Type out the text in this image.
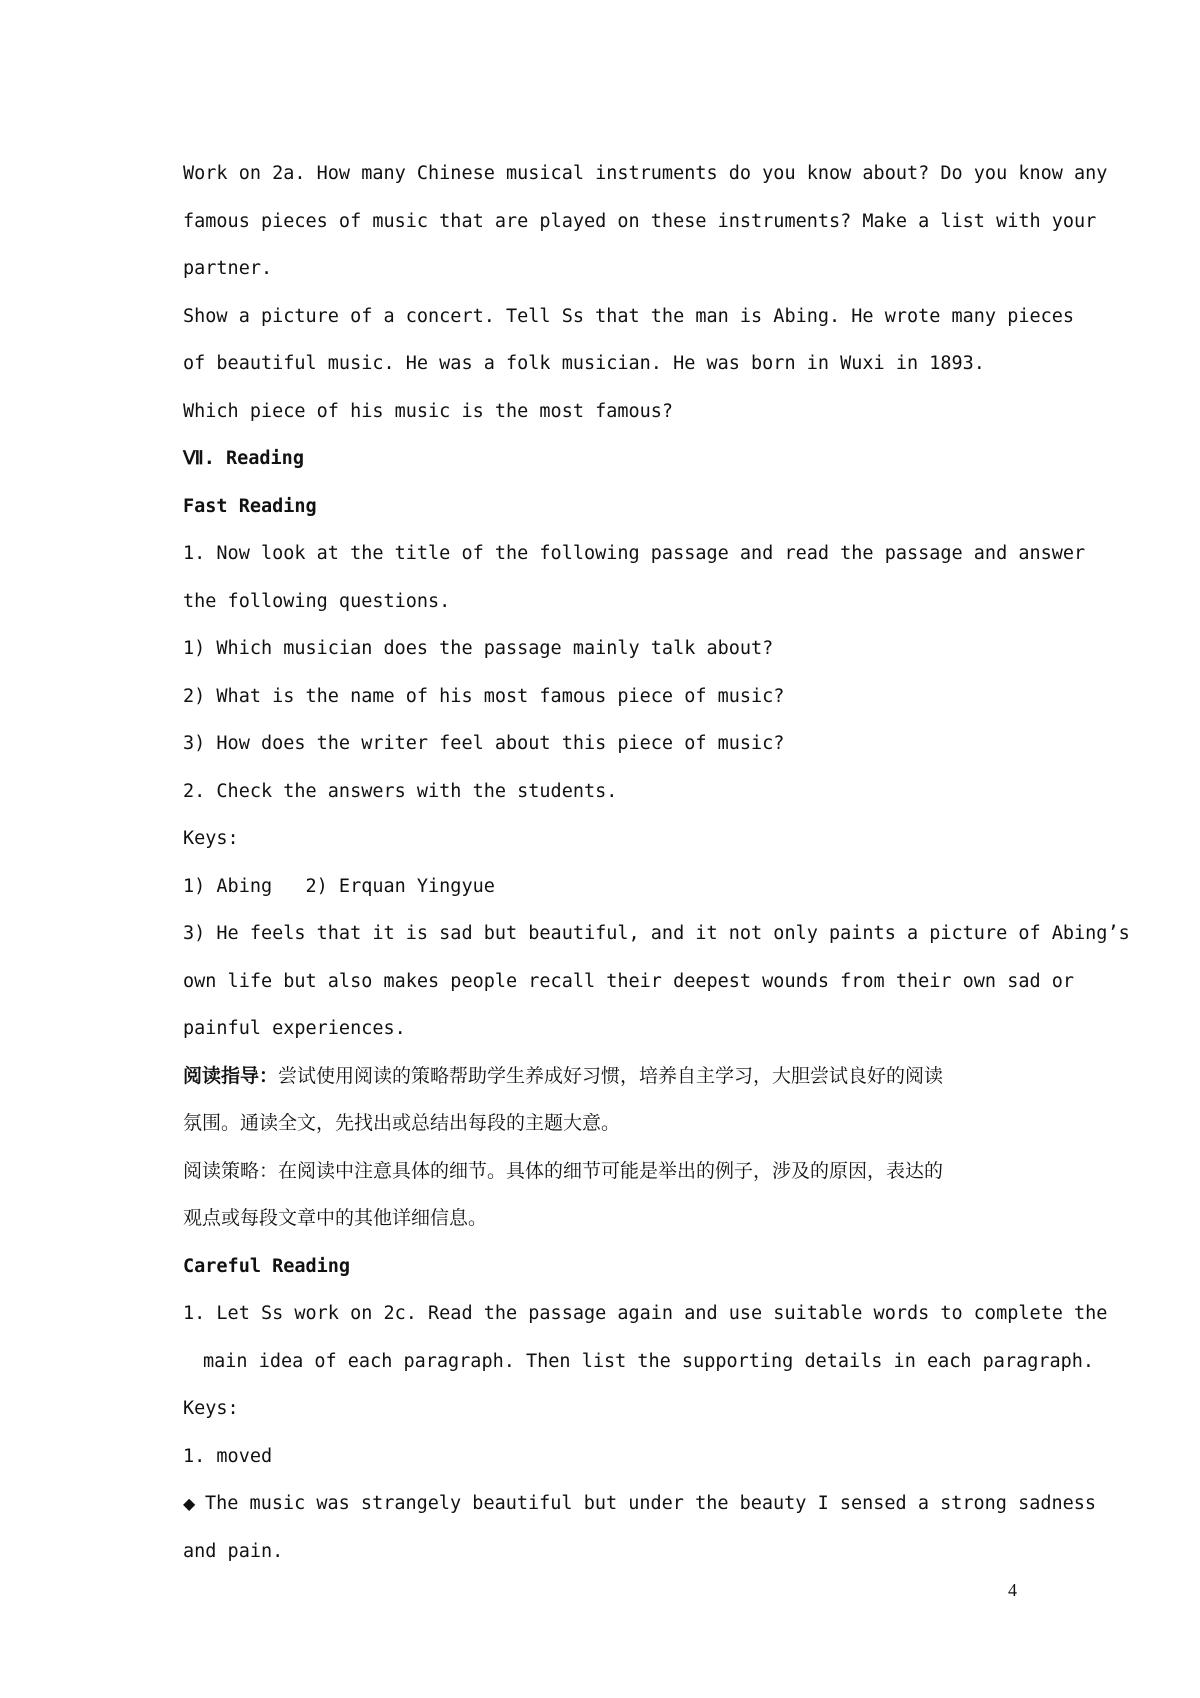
Work on 2a. How many Chinese musical instruments do you know about? Do you know any
famous pieces of music that are played on these instruments? Make a list with your
partner.
Show a picture of a concert. Tell Ss that the man is Abing. He wrote many pieces
of beautiful music. He was a folk musician. He was born in Wuxi in 1893.
Which piece of his music is the most famous?
Ⅶ. Reading
Fast Reading
1. Now look at the title of the following passage and read the passage and answer
the following questions.
1) Which musician does the passage mainly talk about?
2) What is the name of his most famous piece of music?
3) How does the writer feel about this piece of music?
2. Check the answers with the students.
Keys:
1) Abing   2) Erquan Yingyue
3) He feels that it is sad but beautiful, and it not only paints a picture of Abing’s
own life but also makes people recall their deepest wounds from their own sad or
painful experiences.
阅读指导：尝试使用阅读的策略帮助学生养成好习惯，培养自主学习，大胆尝试良好的阅读
氛围。通读全文，先找出或总结出每段的主题大意。
阅读策略：在阅读中注意具体的细节。具体的细节可能是举出的例子，涉及的原因，表达的
观点或每段文章中的其他详细信息。
Careful Reading
1. Let Ss work on 2c. Read the passage again and use suitable words to complete the
main idea of each paragraph. Then list the supporting details in each paragraph.
Keys:
1. moved
◆ The music was strangely beautiful but under the beauty I sensed a strong sadness
and pain.
4
